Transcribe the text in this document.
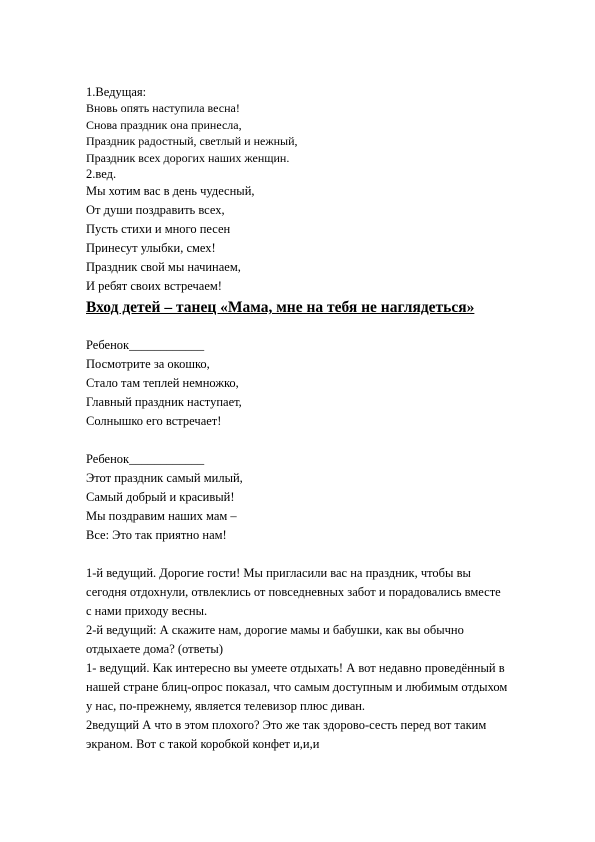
1.Ведущая:
Вновь опять наступила весна!
Снова праздник она принесла,
Праздник радостный, светлый и нежный,
Праздник всех дорогих наших женщин.
2.вед.
Мы хотим вас в день чудесный,
От души поздравить всех,
Пусть стихи и много песен
Принесут улыбки, смех!
Праздник свой мы начинаем,
И ребят своих встречаем!
Вход детей – танец «Мама, мне на тебя не наглядеться»
Ребенок____________
Посмотрите за окошко,
Стало там теплей немножко,
Главный праздник наступает,
Солнышко его встречает!
Ребенок____________
Этот праздник самый милый,
Самый добрый и красивый!
Мы поздравим наших мам –
Все: Это так приятно нам!
1-й ведущий. Дорогие гости! Мы пригласили вас на праздник, чтобы вы
сегодня отдохнули, отвлеклись от повседневных забот и порадовались вместе
с нами приходу весны.
2-й ведущий: А скажите нам, дорогие мамы и бабушки, как вы обычно
отдыхаете дома? (ответы)
1- ведущий. Как интересно вы умеете отдыхать! А вот недавно проведённый в
нашей стране блиц-опрос показал, что самым доступным и любимым отдыхом
у нас, по-прежнему, является телевизор плюс диван.
2ведущий А что в этом плохого? Это же так здорово-сесть перед вот таким
экраном. Вот с такой коробкой конфет и,и,и
